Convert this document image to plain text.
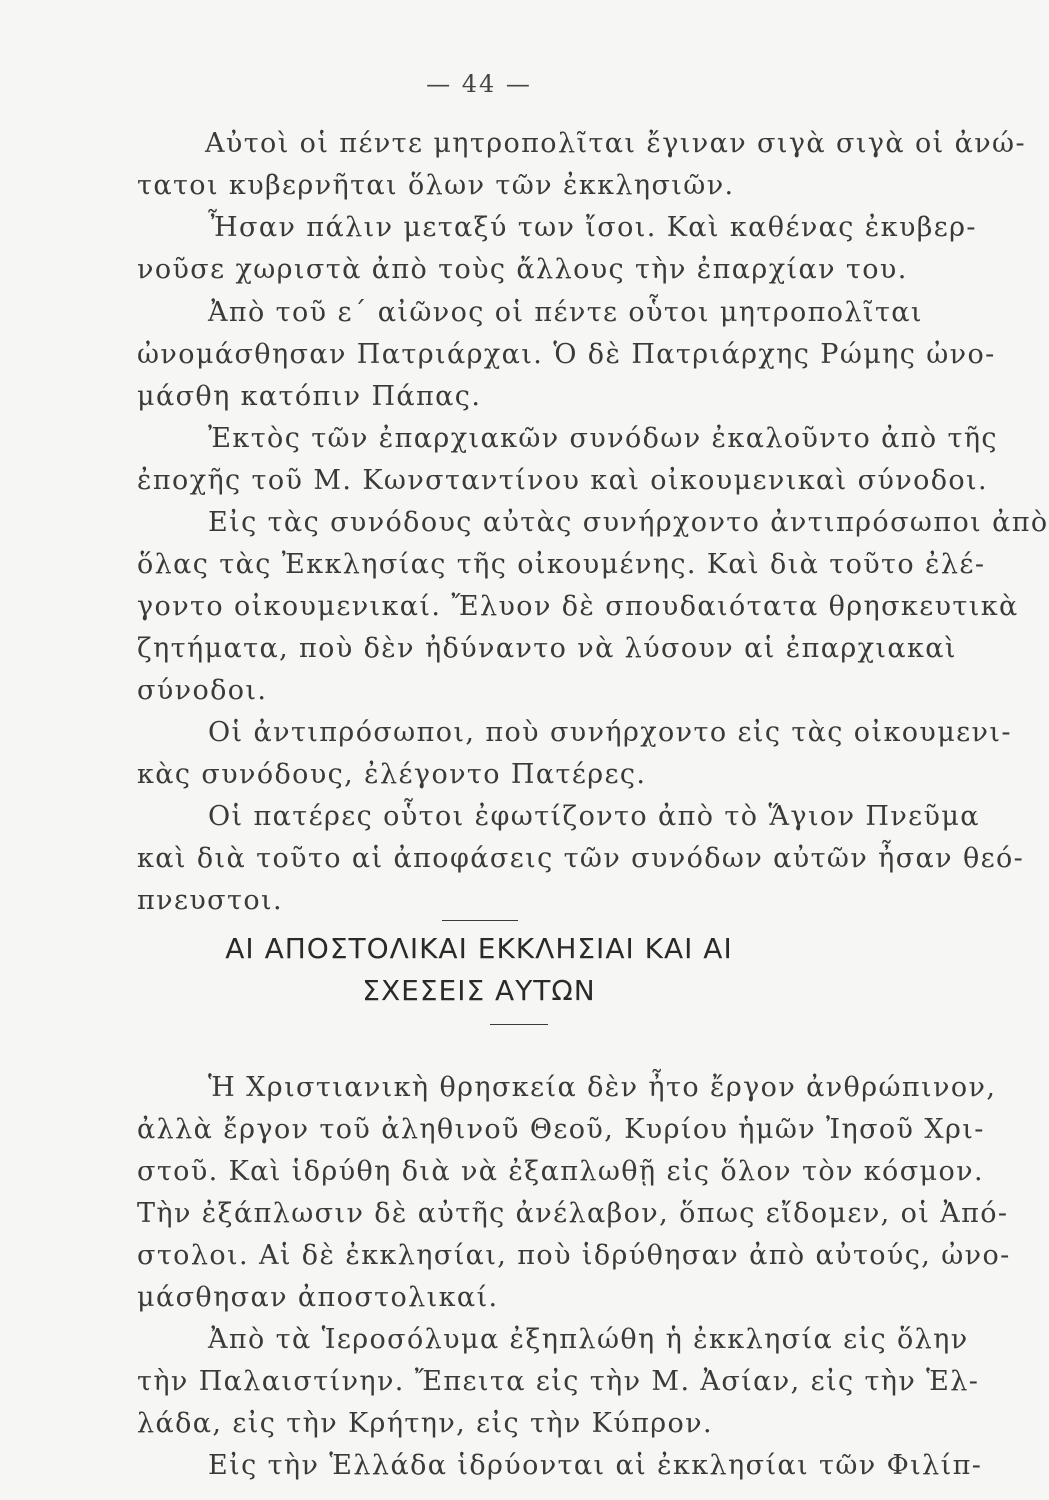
— 44 —
Αὐτοὶ οἱ πέντε μητροπολῖται ἔγιναν σιγὰ σιγὰ οἱ ἀνώ-
τατοι κυβερνῆται ὅλων τῶν ἐκκλησιῶν.
Ἦσαν πάλιν μεταξύ των ἴσοι. Καὶ καθένας ἐκυβερ-
νοῦσε χωριστὰ ἀπὸ τοὺς ἄλλους τὴν ἐπαρχίαν του.
Ἀπὸ τοῦ ε΄ αἰῶνος οἱ πέντε οὗτοι μητροπολῖται
ὠνομάσθησαν Πατριάρχαι. Ὁ δὲ Πατριάρχης Ρώμης ὠνο-
μάσθη κατόπιν Πάπας.
Ἐκτὸς τῶν ἐπαρχιακῶν συνόδων ἐκαλοῦντο ἀπὸ τῆς
ἐποχῆς τοῦ Μ. Κωνσταντίνου καὶ οἰκουμενικαὶ σύνοδοι.
Εἰς τὰς συνόδους αὐτὰς συνήρχοντο ἀντιπρόσωποι ἀπὸ
ὅλας τὰς Ἐκκλησίας τῆς οἰκουμένης. Καὶ διὰ τοῦτο ἐλέ-
γοντο οἰκουμενικαί. Ἔλυον δὲ σπουδαιότατα θρησκευτικὰ
ζητήματα, ποὺ δὲν ἠδύναντο νὰ λύσουν αἱ ἐπαρχιακαὶ
σύνοδοι.
Οἱ ἀντιπρόσωποι, ποὺ συνήρχοντο εἰς τὰς οἰκουμενι-
κὰς συνόδους, ἐλέγοντο Πατέρες.
Οἱ πατέρες οὗτοι ἐφωτίζοντο ἀπὸ τὸ Ἅγιον Πνεῦμα
καὶ διὰ τοῦτο αἱ ἀποφάσεις τῶν συνόδων αὐτῶν ἦσαν θεό-
πνευστοι.
ΑΙ ΑΠΟΣΤΟΛΙΚΑΙ ΕΚΚΛΗΣΙΑΙ ΚΑΙ ΑΙ
ΣΧΕΣΕΙΣ ΑΥΤΩΝ
Ἡ Χριστιανικὴ θρησκεία δὲν ἦτο ἔργον ἀνθρώπινον,
ἀλλὰ ἔργον τοῦ ἀληθινοῦ Θεοῦ, Κυρίου ἡμῶν Ἰησοῦ Χρι-
στοῦ. Καὶ ἱδρύθη διὰ νὰ ἐξαπλωθῇ εἰς ὅλον τὸν κόσμον.
Τὴν ἐξάπλωσιν δὲ αὐτῆς ἀνέλαβον, ὅπως εἴδομεν, οἱ Ἀπό-
στολοι. Αἱ δὲ ἐκκλησίαι, ποὺ ἱδρύθησαν ἀπὸ αὐτούς, ὠνο-
μάσθησαν ἀποστολικαί.
Ἀπὸ τὰ Ἱεροσόλυμα ἐξηπλώθη ἡ ἐκκλησία εἰς ὅλην
τὴν Παλαιστίνην. Ἔπειτα εἰς τὴν Μ. Ἀσίαν, εἰς τὴν Ἑλ-
λάδα, εἰς τὴν Κρήτην, εἰς τὴν Κύπρον.
Εἰς τὴν Ἑλλάδα ἱδρύονται αἱ ἐκκλησίαι τῶν Φιλίπ-
